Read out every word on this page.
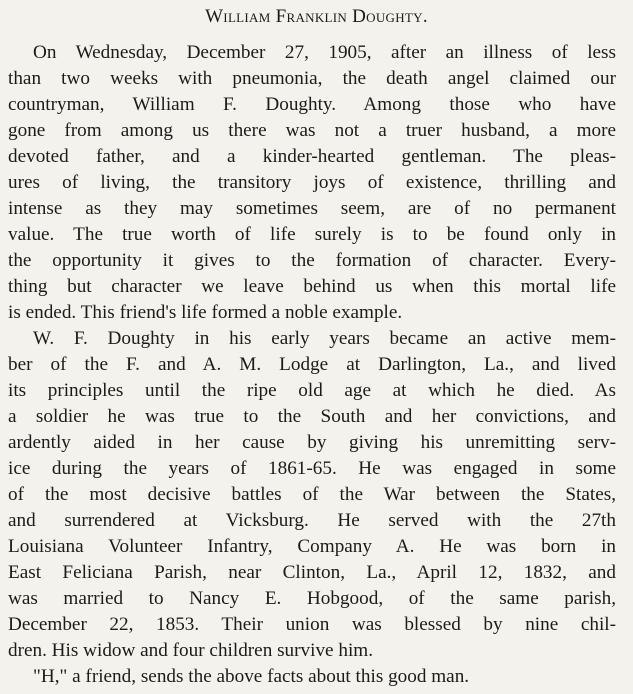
William Franklin Doughty.
On Wednesday, December 27, 1905, after an illness of less
than two weeks with pneumonia, the death angel claimed our
countryman, William F. Doughty. Among those who have
gone from among us there was not a truer husband, a more
devoted father, and a kinder-hearted gentleman. The pleas-
ures of living, the transitory joys of existence, thrilling and
intense as they may sometimes seem, are of no permanent
value. The true worth of life surely is to be found only in
the opportunity it gives to the formation of character. Every-
thing but character we leave behind us when this mortal life
is ended. This friend's life formed a noble example.
W. F. Doughty in his early years became an active mem-
ber of the F. and A. M. Lodge at Darlington, La., and lived
its principles until the ripe old age at which he died. As
a soldier he was true to the South and her convictions, and
ardently aided in her cause by giving his unremitting serv-
ice during the years of 1861-65. He was engaged in some
of the most decisive battles of the War between the States,
and surrendered at Vicksburg. He served with the 27th
Louisiana Volunteer Infantry, Company A. He was born in
East Feliciana Parish, near Clinton, La., April 12, 1832, and
was married to Nancy E. Hobgood, of the same parish,
December 22, 1853. Their union was blessed by nine chil-
dren. His widow and four children survive him.
"H," a friend, sends the above facts about this good man.
